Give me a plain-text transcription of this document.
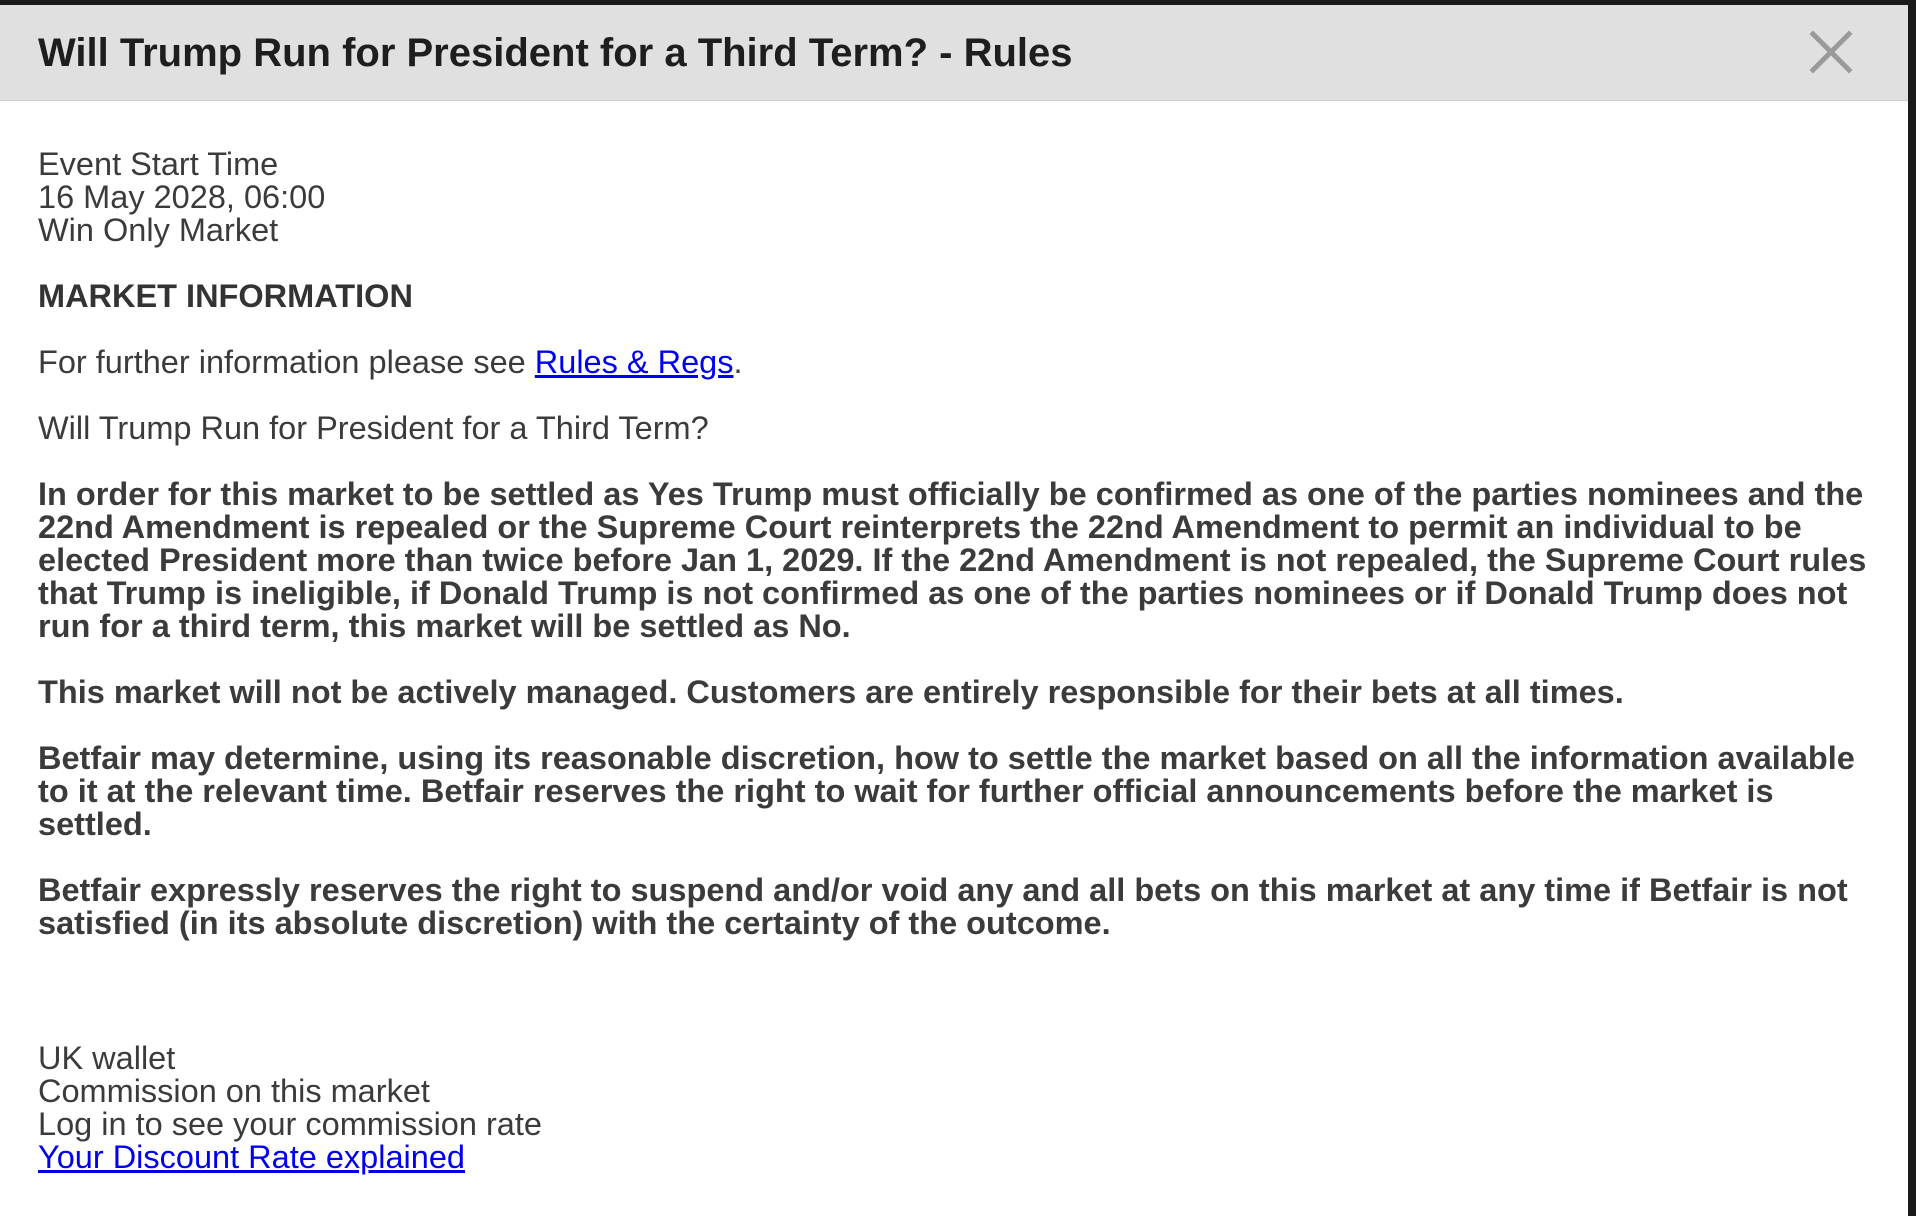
Will Trump Run for President for a Third Term? - Rules

Event Start Time

16 May 2028, 06:00

Win Only Market

MARKET INFORMATION

For further information please see Rules & Regs.

Will Trump Run for President for a Third Term?

In order for this market to be settled as Yes Trump must officially be confirmed as one of the parties nominees and the 22nd Amendment is repealed or the Supreme Court reinterprets the 22nd Amendment to permit an individual to be elected President more than twice before Jan 1, 2029. If the 22nd Amendment is not repealed, the Supreme Court rules that Trump is ineligible, if Donald Trump is not confirmed as one of the parties nominees or if Donald Trump does not run for a third term, this market will be settled as No.

This market will not be actively managed. Customers are entirely responsible for their bets at all times.

Betfair may determine, using its reasonable discretion, how to settle the market based on all the information available to it at the relevant time. Betfair reserves the right to wait for further official announcements before the market is settled.

Betfair expressly reserves the right to suspend and/or void any and all bets on this market at any time if Betfair is not satisfied (in its absolute discretion) with the certainty of the outcome.

UK wallet

Commission on this market

Log in to see your commission rate

Your Discount Rate explained
